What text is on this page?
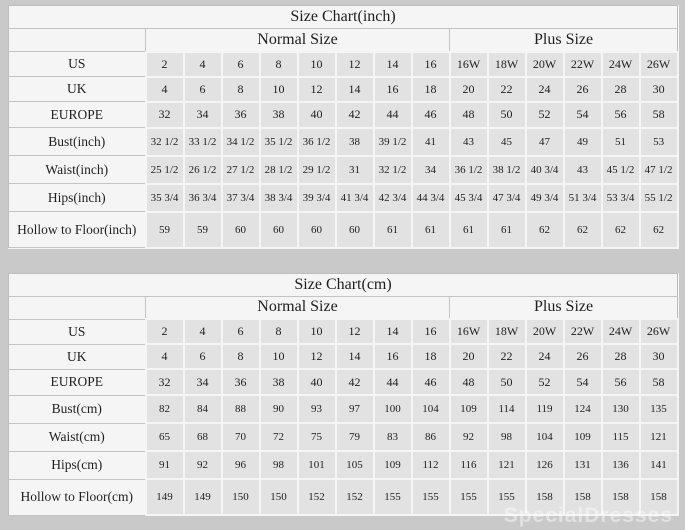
Size Chart(inch)														
	Normal Size								Plus Size					
US	2	4	6	8	10	12	14	16	16W	18W	20W	22W	24W	26W
UK	4	6	8	10	12	14	16	18	20	22	24	26	28	30
EUROPE	32	34	36	38	40	42	44	46	48	50	52	54	56	58
Bust(inch)	32 1/2	33 1/2	34 1/2	35 1/2	36 1/2	38	39 1/2	41	43	45	47	49	51	53
Waist(inch)	25 1/2	26 1/2	27 1/2	28 1/2	29 1/2	31	32 1/2	34	36 1/2	38 1/2	40 3/4	43	45 1/2	47 1/2
Hips(inch)	35 3/4	36 3/4	37 3/4	38 3/4	39 3/4	41 3/4	42 3/4	44 3/4	45 3/4	47 3/4	49 3/4	51 3/4	53 3/4	55 1/2
Hollow to Floor(inch)	59	59	60	60	60	60	61	61	61	61	62	62	62	62
Size Chart(cm)														
	Normal Size								Plus Size					
US	2	4	6	8	10	12	14	16	16W	18W	20W	22W	24W	26W
UK	4	6	8	10	12	14	16	18	20	22	24	26	28	30
EUROPE	32	34	36	38	40	42	44	46	48	50	52	54	56	58
Bust(cm)	82	84	88	90	93	97	100	104	109	114	119	124	130	135
Waist(cm)	65	68	70	72	75	79	83	86	92	98	104	109	115	121
Hips(cm)	91	92	96	98	101	105	109	112	116	121	126	131	136	141
Hollow to Floor(cm)	149	149	150	150	152	152	155	155	155	155	158	158	158	158
SpecialDresses
